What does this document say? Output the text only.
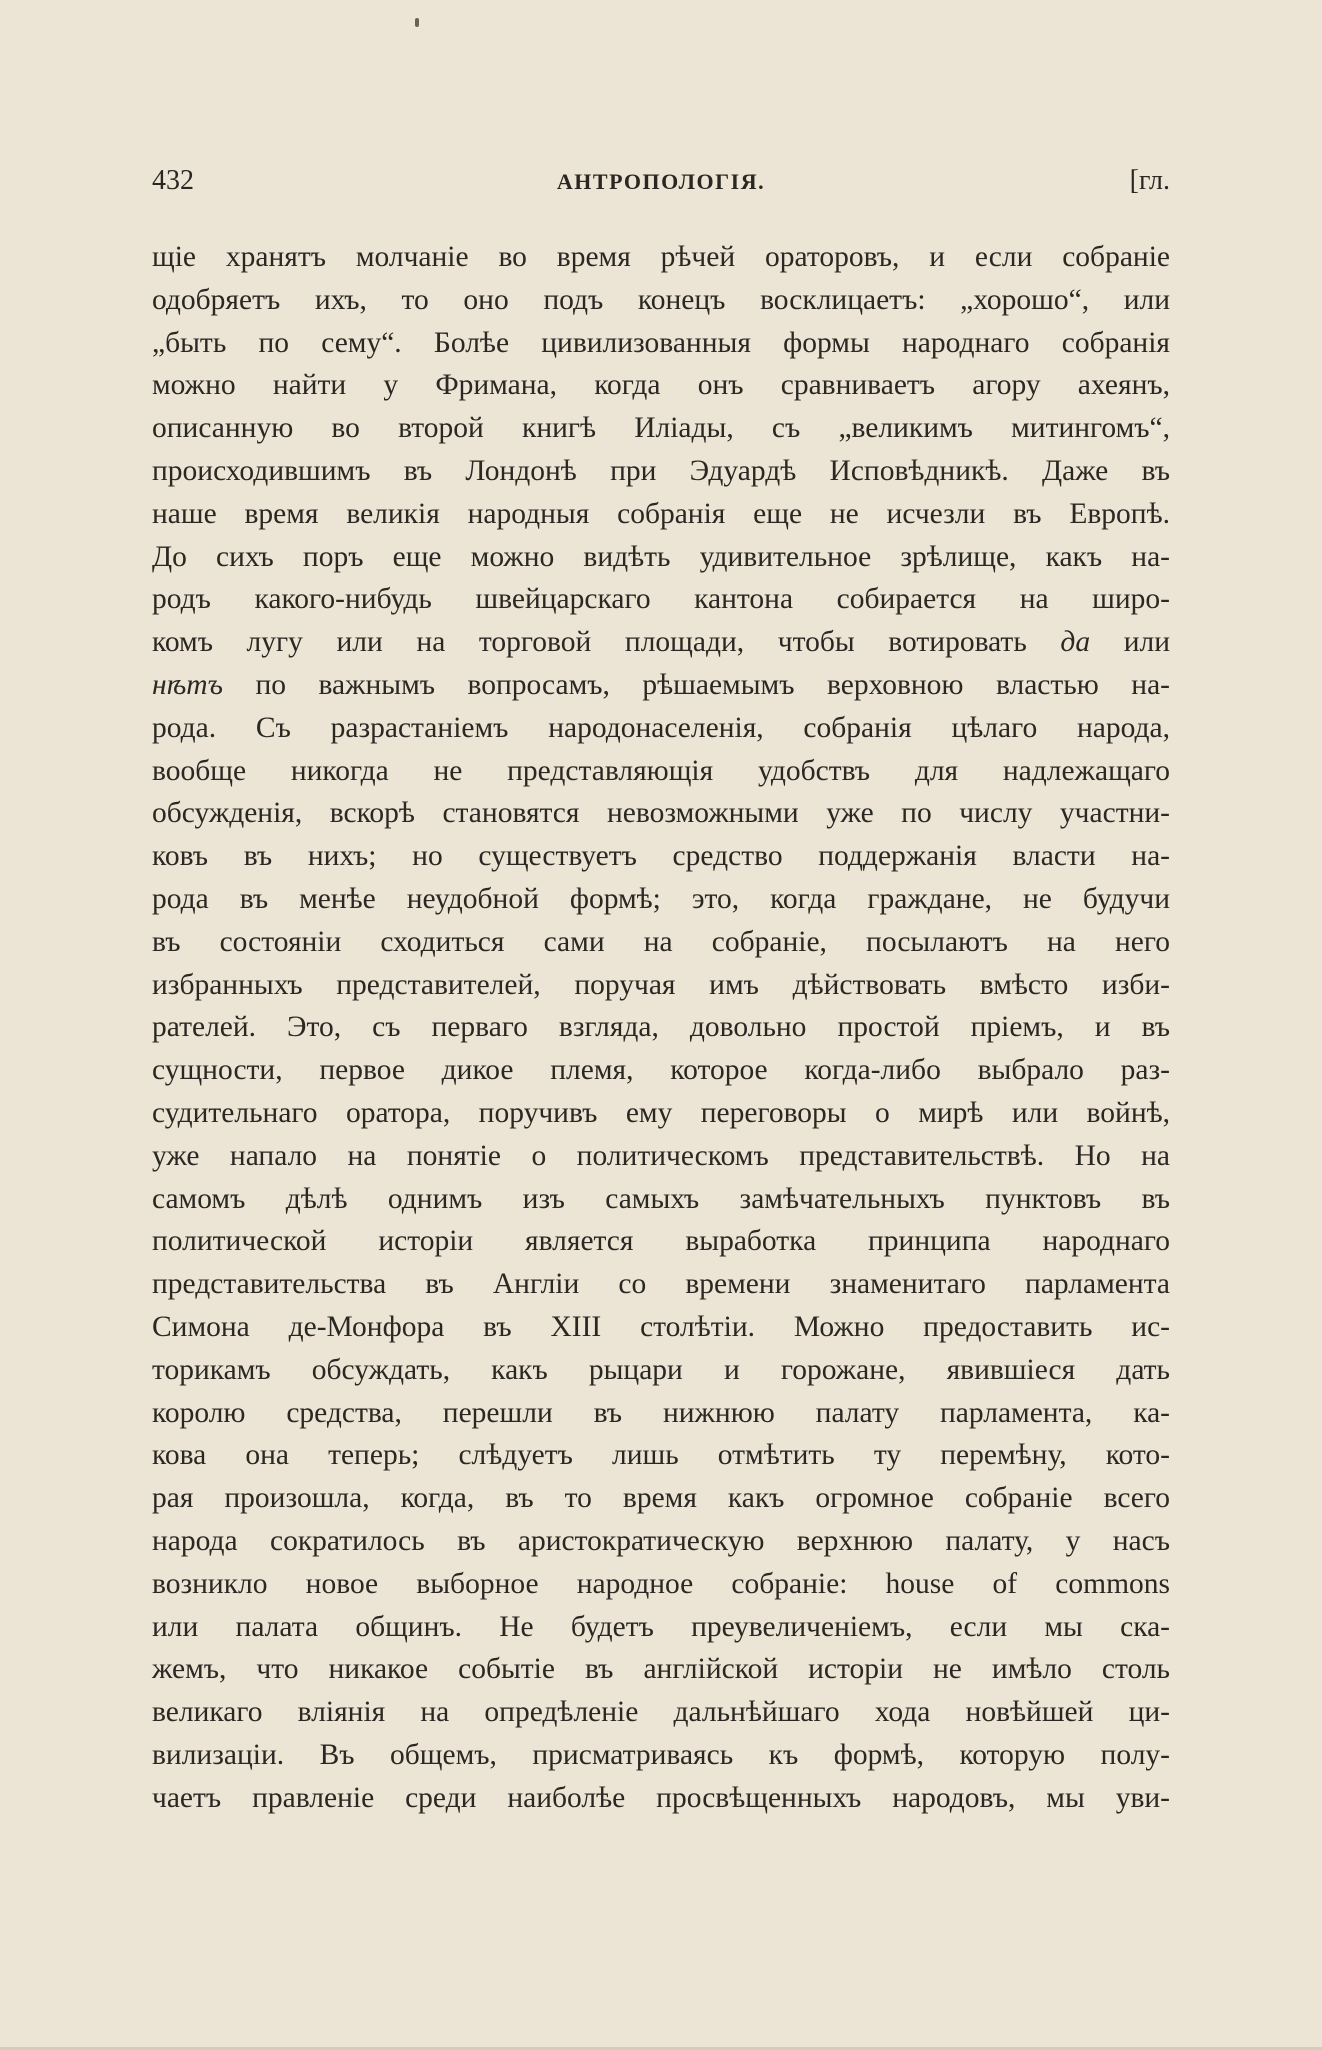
432	АНТРОПОЛОГІЯ.	[гл.
щіе хранятъ молчаніе во время рѣчей ораторовъ, и если собраніе
одобряетъ ихъ, то оно подъ конецъ восклицаетъ: „хорошо“, или
„быть по сему“. Болѣе цивилизованныя формы народнаго собранія
можно найти у Фримана, когда онъ сравниваетъ агору ахеянъ,
описанную во второй книгѣ Иліады, съ „великимъ митингомъ“,
происходившимъ въ Лондонѣ при Эдуардѣ Исповѣдникѣ. Даже въ
наше время великія народныя собранія еще не исчезли въ Европѣ.
До сихъ поръ еще можно видѣть удивительное зрѣлище, какъ на-
родъ какого-нибудь швейцарскаго кантона собирается на широ-
комъ лугу или на торговой площади, чтобы вотировать да или
нѣтъ по важнымъ вопросамъ, рѣшаемымъ верховною властью на-
рода. Съ разрастаніемъ народонаселенія, собранія цѣлаго народа,
вообще никогда не представляющія удобствъ для надлежащаго
обсужденія, вскорѣ становятся невозможными уже по числу участни-
ковъ въ нихъ; но существуетъ средство поддержанія власти на-
рода въ менѣе неудобной формѣ; это, когда граждане, не будучи
въ состояніи сходиться сами на собраніе, посылаютъ на него
избранныхъ представителей, поручая имъ дѣйствовать вмѣсто изби-
рателей. Это, съ перваго взгляда, довольно простой пріемъ, и въ
сущности, первое дикое племя, которое когда-либо выбрало раз-
судительнаго оратора, поручивъ ему переговоры о мирѣ или войнѣ,
уже напало на понятіе о политическомъ представительствѣ. Но на
самомъ дѣлѣ однимъ изъ самыхъ замѣчательныхъ пунктовъ въ
политической исторіи является выработка принципа народнаго
представительства въ Англіи со времени знаменитаго парламента
Симона де-Монфора въ XIII столѣтіи. Можно предоставить ис-
торикамъ обсуждать, какъ рыцари и горожане, явившіеся дать
королю средства, перешли въ нижнюю палату парламента, ка-
кова она теперь; слѣдуетъ лишь отмѣтить ту перемѣну, кото-
рая произошла, когда, въ то время какъ огромное собраніе всего
народа сократилось въ аристократическую верхнюю палату, у насъ
возникло новое выборное народное собраніе: house of commons
или палата общинъ. Не будетъ преувеличеніемъ, если мы ска-
жемъ, что никакое событіе въ англійской исторіи не имѣло столь
великаго вліянія на опредѣленіе дальнѣйшаго хода новѣйшей ци-
вилизаціи. Въ общемъ, присматриваясь къ формѣ, которую полу-
чаетъ правленіе среди наиболѣе просвѣщенныхъ народовъ, мы уви-
